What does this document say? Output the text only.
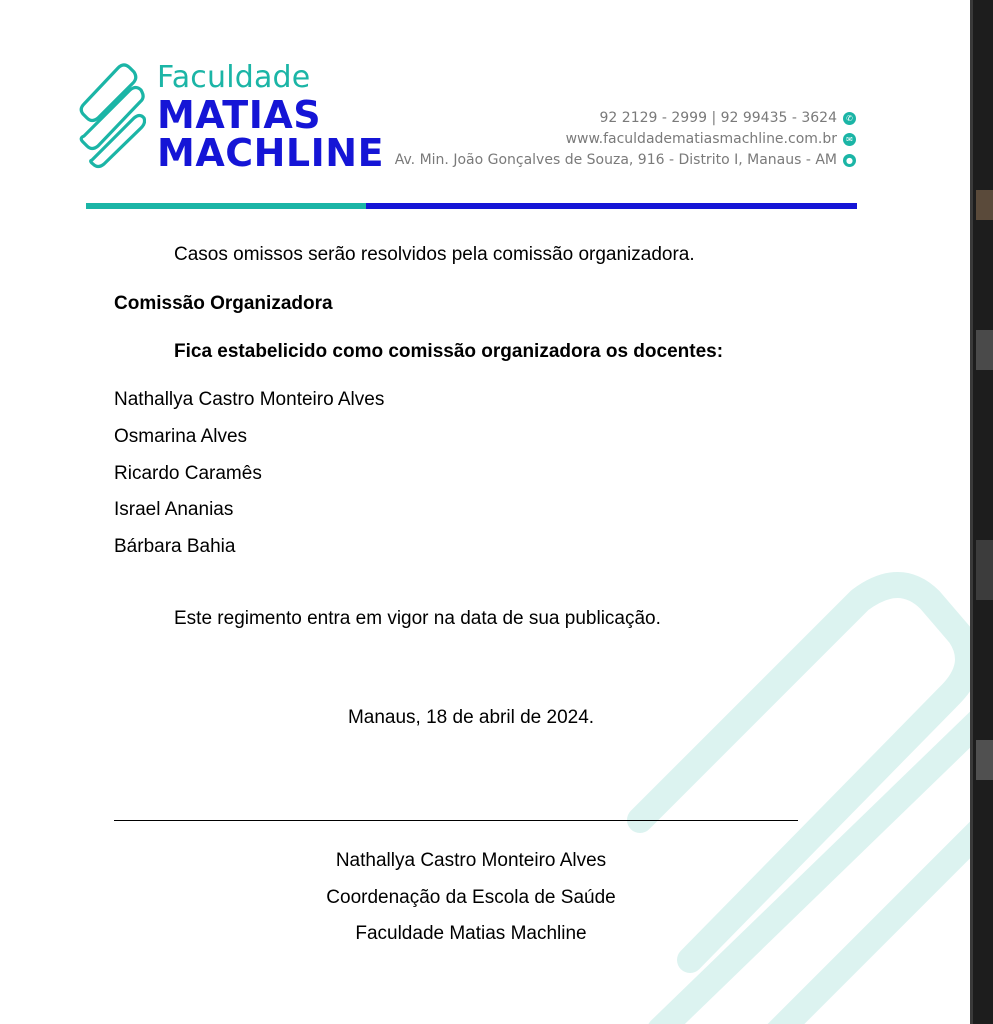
Faculdade
MATIAS
MACHLINE
92 2129 - 2999 | 92 99435 - 3624	✆
www.faculdadematiasmachline.com.br	✉
Av. Min. João Gonçalves de Souza, 916 - Distrito I, Manaus - AM	●
Casos omissos serão resolvidos pela comissão organizadora.
Comissão Organizadora
Fica estabelicido como comissão organizadora os docentes:
Nathallya Castro Monteiro Alves
Osmarina Alves
Ricardo Caramês
Israel Ananias
Bárbara Bahia
Este regimento entra em vigor na data de sua publicação.
Manaus, 18 de abril de 2024.
Nathallya Castro Monteiro Alves
Coordenação da Escola de Saúde
Faculdade Matias Machline
